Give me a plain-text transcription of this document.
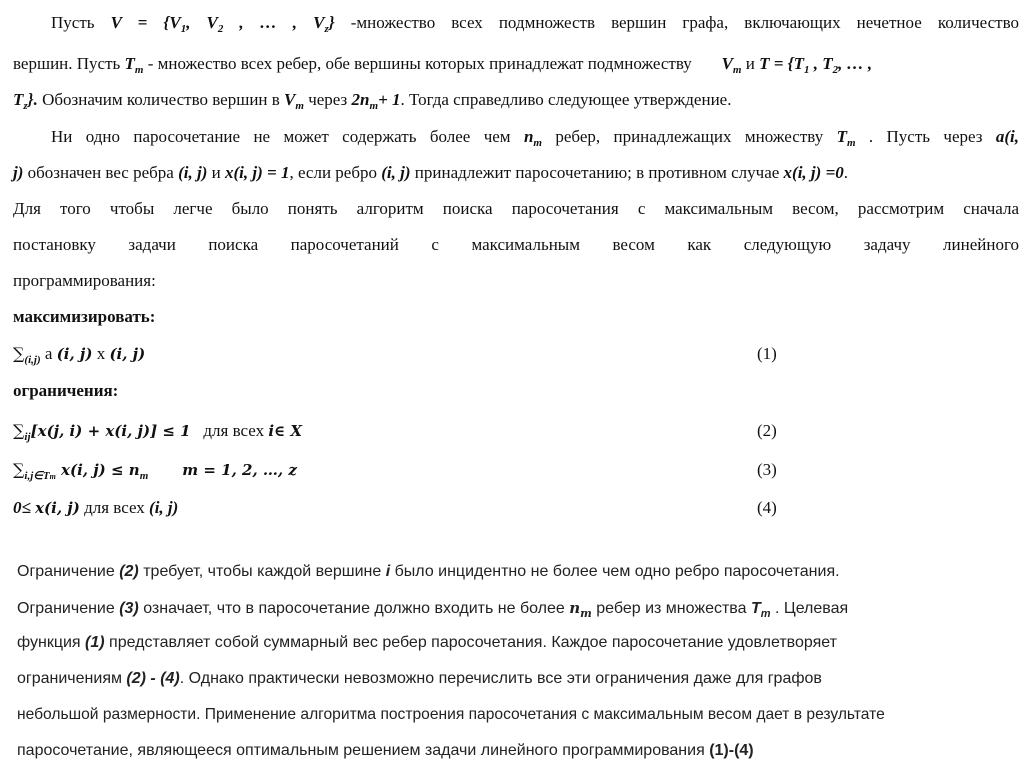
Пусть $V = \{V_1$, $V_2$ , … , $V_z$} -множество всех подмножеств вершин графа, включающих нечетное количество
вершин. Пусть $T_m$ - множество всех ребер, обе вершины которых принадлежат подмножеству $V_m$ и $T = \{T_1$ , $T_2$, … ,
$T_z$}. Обозначим количество вершин в $V_m$ через $2n_m+ 1$. Тогда справедливо следующее утверждение.
Ни одно паросочетание не может содержать более чем $n_m$ ребер, принадлежащих множеству $T_m$ . Пусть через a(i,
j) обозначен вес ребра (i, j) и x(i, j) = 1, если ребро (i, j) принадлежит паросочетанию; в противном случае x(i, j) =0.
Для того чтобы легче было понять алгоритм поиска паросочетания с максимальным весом, рассмотрим сначала
постановку задачи поиска паросочетаний с максимальным весом как следующую задачу линейного
программирования:
максимизировать:
$\sum_{(i,j)}$ a (i, j) x (i, j)	(1)
ограничения:
$\sum_{ij}[x(j$, i) + x(i, j)] ≤ 1 для всех i∈ X	(2)
$\sum_{i,j\in Tm}$ x(i, $j) \le n_m$ m = 1, 2, …, z	(3)
0≤ x(i, j) для всех (i, j)	(4)
Ограничение (2) требует, чтобы каждой вершине i было инцидентно не более чем одно ребро паросочетания.
Ограничение (3) означает, что в паросочетание должно входить не более $n_m$ ребер из множества $T_m$ . Целевая
функция (1) представляет собой суммарный вес ребер паросочетания. Каждое паросочетание удовлетворяет
ограничениям (2) - (4). Однако практически невозможно перечислить все эти ограничения даже для графов
небольшой размерности. Применение алгоритма построения паросочетания с максимальным весом дает в результате
паросочетание, являющееся оптимальным решением задачи линейного программирования (1)-(4)
